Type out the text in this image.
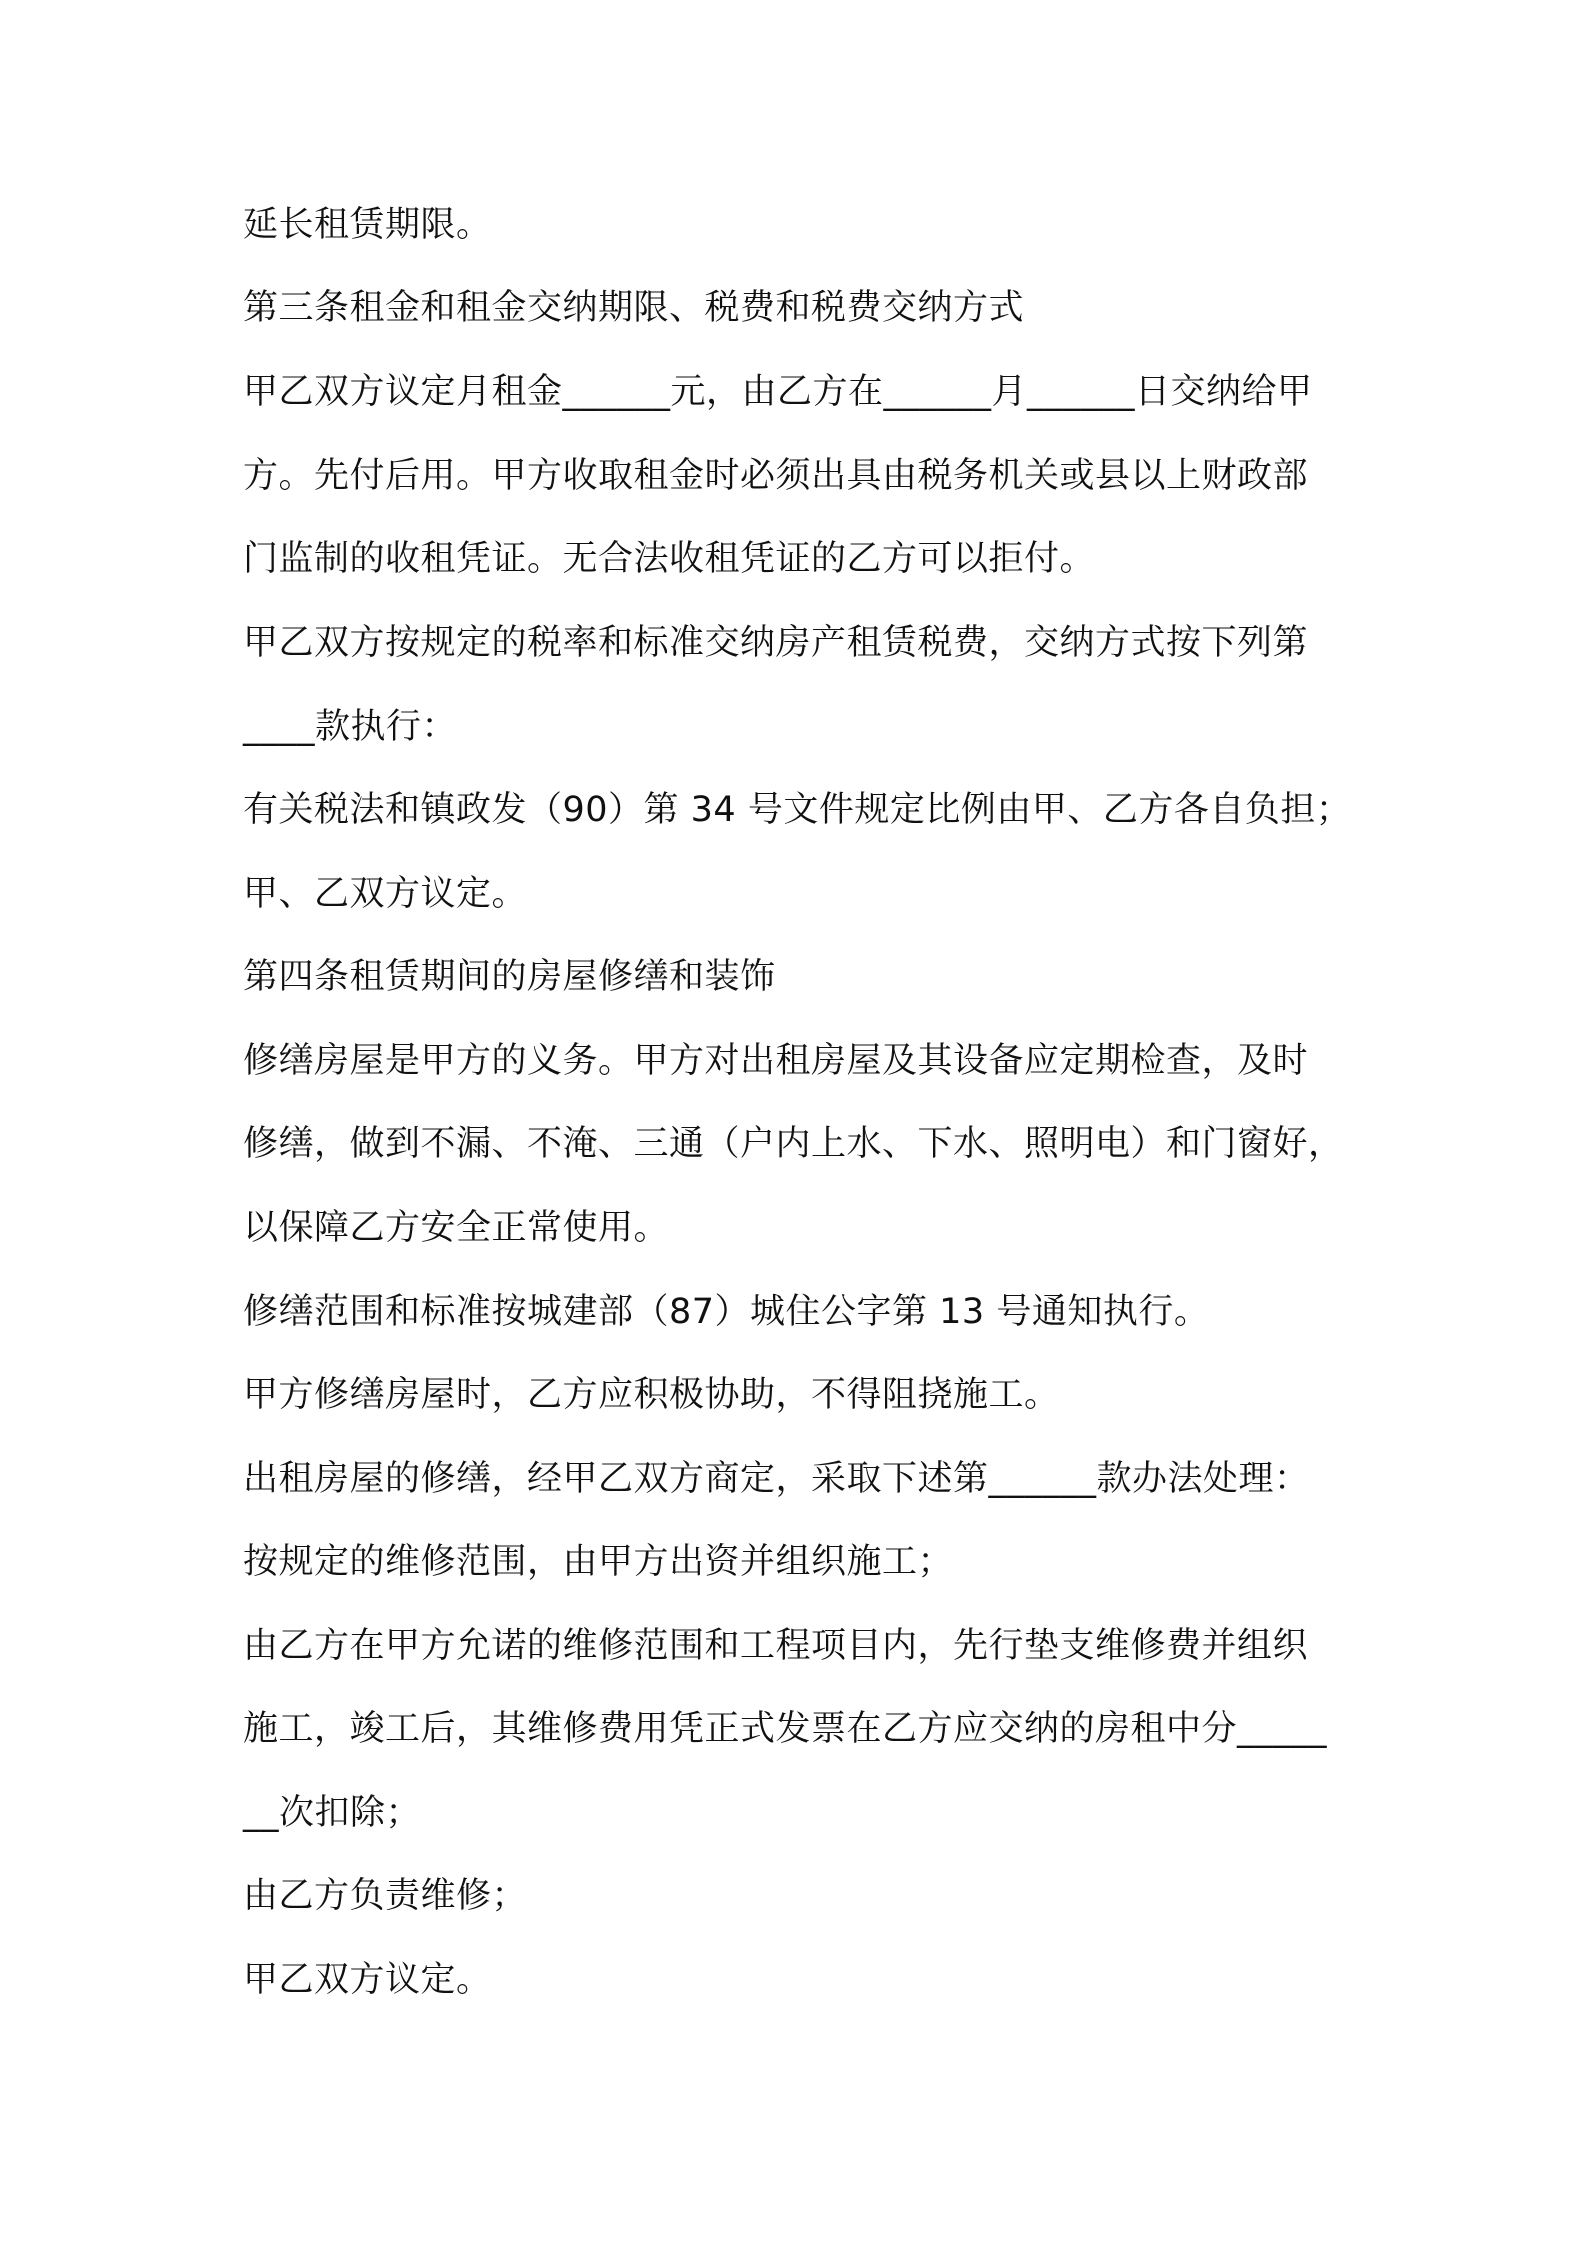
延长租赁期限。
第三条租金和租金交纳期限、税费和税费交纳方式
甲乙双方议定月租金______元，由乙方在______月______日交纳给甲
方。先付后用。甲方收取租金时必须出具由税务机关或县以上财政部
门监制的收租凭证。无合法收租凭证的乙方可以拒付。
甲乙双方按规定的税率和标准交纳房产租赁税费，交纳方式按下列第
____款执行：
有关税法和镇政发（90）第 34 号文件规定比例由甲、乙方各自负担；
甲、乙双方议定。
第四条租赁期间的房屋修缮和装饰
修缮房屋是甲方的义务。甲方对出租房屋及其设备应定期检查，及时
修缮，做到不漏、不淹、三通（户内上水、下水、照明电）和门窗好，
以保障乙方安全正常使用。
修缮范围和标准按城建部（87）城住公字第 13 号通知执行。
甲方修缮房屋时，乙方应积极协助，不得阻挠施工。
出租房屋的修缮，经甲乙双方商定，采取下述第______款办法处理：
按规定的维修范围，由甲方出资并组织施工；
由乙方在甲方允诺的维修范围和工程项目内，先行垫支维修费并组织
施工，竣工后，其维修费用凭正式发票在乙方应交纳的房租中分_____
__次扣除；
由乙方负责维修；
甲乙双方议定。
